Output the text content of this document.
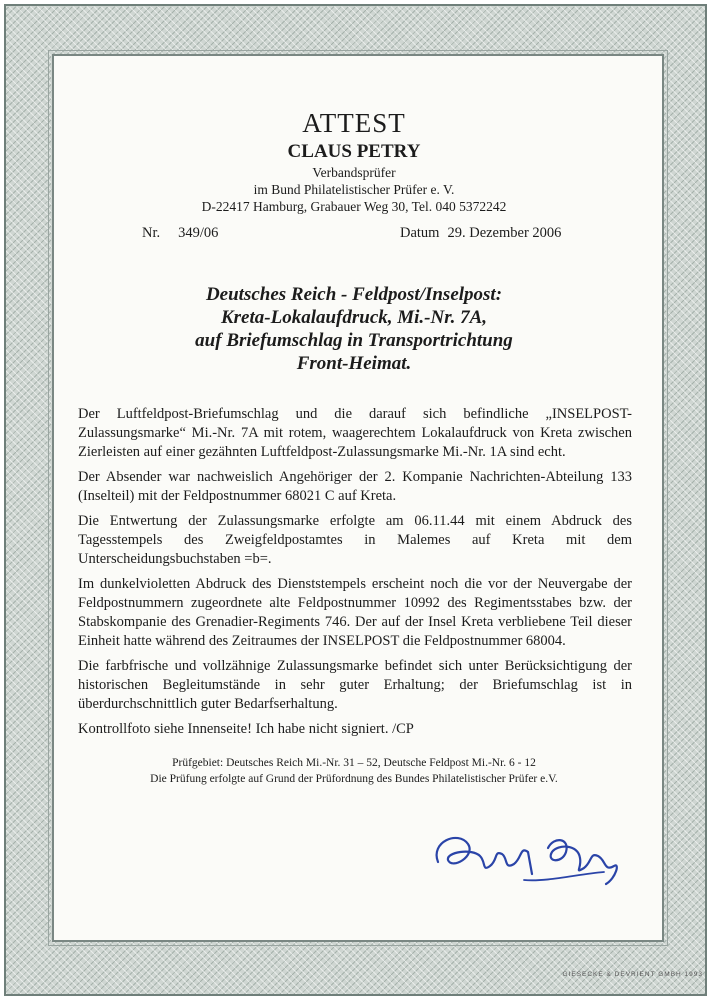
ATTEST
CLAUS PETRY
Verbandsprüfer
im Bund Philatelistischer Prüfer e. V.
D-22417 Hamburg, Grabauer Weg 30, Tel. 040 5372242
Nr. 349/06	Datum 29. Dezember 2006
Deutsches Reich - Feldpost/Inselpost:
Kreta-Lokalaufdruck, Mi.-Nr. 7A,
auf Briefumschlag in Transportrichtung
Front-Heimat.

Der Luftfeldpost-Briefumschlag und die darauf sich befindliche „INSELPOST-Zulassungsmarke“ Mi.-Nr. 7A mit rotem, waagerechtem Lokalaufdruck von Kreta zwischen Zierleisten auf einer gezähnten Luftfeldpost-Zulassungsmarke Mi.-Nr. 1A sind echt.

Der Absender war nachweislich Angehöriger der 2. Kompanie Nachrichten-Abteilung 133 (Inselteil) mit der Feldpostnummer 68021 C auf Kreta.

Die Entwertung der Zulassungsmarke erfolgte am 06.11.44 mit einem Abdruck des Tagesstempels des Zweigfeldpostamtes in Malemes auf Kreta mit dem Unterscheidungsbuchstaben =b=.

Im dunkelvioletten Abdruck des Dienststempels erscheint noch die vor der Neuvergabe der Feldpostnummern zugeordnete alte Feldpostnummer 10992 des Regimentsstabes bzw. der Stabskompanie des Grenadier-Regiments 746. Der auf der Insel Kreta verbliebene Teil dieser Einheit hatte während des Zeitraumes der INSELPOST die Feldpostnummer 68004.

Die farbfrische und vollzähnige Zulassungsmarke befindet sich unter Berücksichtigung der historischen Begleitumstände in sehr guter Erhaltung; der Briefumschlag ist in überdurchschnittlich guter Bedarfserhaltung.

Kontrollfoto siehe Innenseite! Ich habe nicht signiert. /CP

Prüfgebiet: Deutsches Reich Mi.-Nr. 31 – 52, Deutsche Feldpost Mi.-Nr. 6 - 12
Die Prüfung erfolgte auf Grund der Prüfordnung des Bundes Philatelistischer Prüfer e.V.
GIESECKE & DEVRIENT GMBH 1993
